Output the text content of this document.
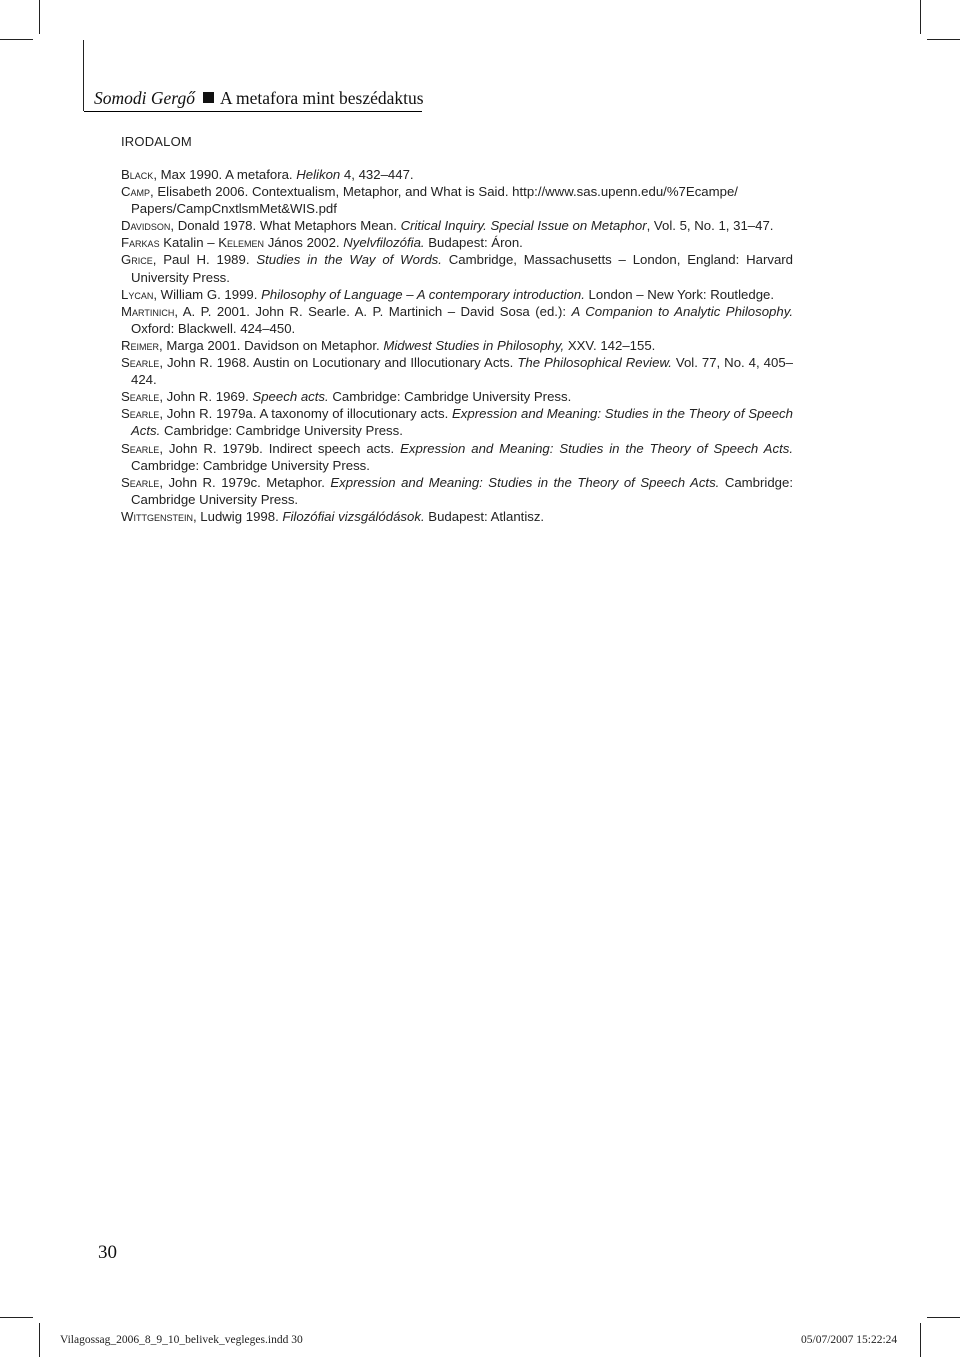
Somodi Gergő A metafora mint beszédaktus
IRODALOM

Black, Max 1990. A metafora. Helikon 4, 432–447.

Camp, Elisabeth 2006. Contextualism, Metaphor, and What is Said. http://www.sas.upenn.edu/%7Ecampe/ Papers/CampCnxtlsmMet&WIS.pdf

Davidson, Donald 1978. What Metaphors Mean. Critical Inquiry. Special Issue on Metaphor, Vol. 5, No. 1, 31–47.

Farkas Katalin – Kelemen János 2002. Nyelvfilozófia. Budapest: Áron.

Grice, Paul H. 1989. Studies in the Way of Words. Cambridge, Massachusetts – London, England: Harvard University Press.

Lycan, William G. 1999. Philosophy of Language – A contemporary introduction. London – New York: Routledge.

Martinich, A. P. 2001. John R. Searle. A. P. Martinich – David Sosa (ed.): A Companion to Analytic Philosophy. Oxford: Blackwell. 424–450.

Reimer, Marga 2001. Davidson on Metaphor. Midwest Studies in Philosophy, XXV. 142–155.

Searle, John R. 1968. Austin on Locutionary and Illocutionary Acts. The Philosophical Review. Vol. 77, No. 4, 405–424.

Searle, John R. 1969. Speech acts. Cambridge: Cambridge University Press.

Searle, John R. 1979a. A taxonomy of illocutionary acts. Expression and Meaning: Studies in the Theory of Speech Acts. Cambridge: Cambridge University Press.

Searle, John R. 1979b. Indirect speech acts. Expression and Meaning: Studies in the Theory of Speech Acts. Cambridge: Cambridge University Press.

Searle, John R. 1979c. Metaphor. Expression and Meaning: Studies in the Theory of Speech Acts. Cambridge: Cambridge University Press.

Wittgenstein, Ludwig 1998. Filozófiai vizsgálódások. Budapest: Atlantisz.

30
Vilagossag_2006_8_9_10_belivek_vegleges.indd 30	05/07/2007 15:22:24
